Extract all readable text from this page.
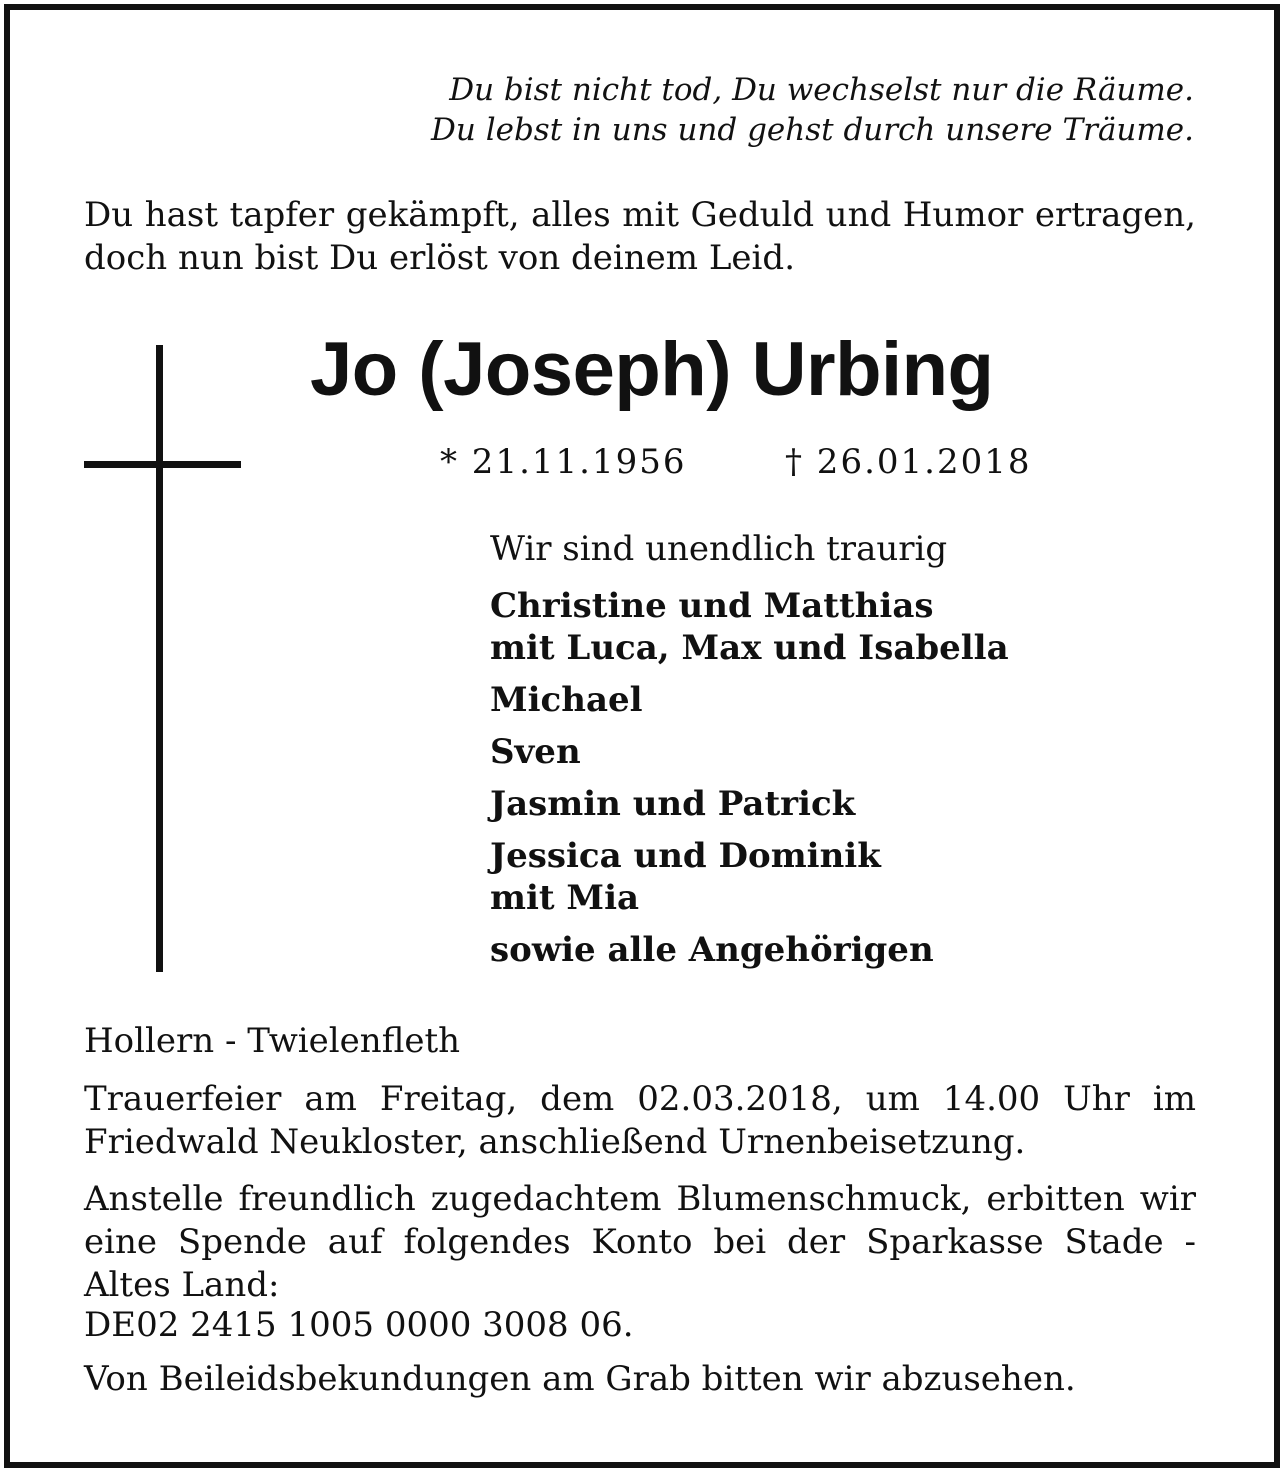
Du bist nicht tod, Du wechselst nur die Räume.
Du lebst in uns und gehst durch unsere Träume.
Du hast tapfer gekämpft, alles mit Geduld und Humor ertragen, doch nun bist Du erlöst von deinem Leid.
Jo (Joseph) Urbing
* 21.11.1956	† 26.01.2018
Wir sind unendlich traurig
Christine und Matthias
mit Luca, Max und Isabella
Michael
Sven
Jasmin und Patrick
Jessica und Dominik
mit Mia
sowie alle Angehörigen
Hollern - Twielenfleth
Trauerfeier am Freitag, dem 02.03.2018, um 14.00 Uhr im Friedwald Neukloster, anschließend Urnenbeisetzung.
Anstelle freundlich zugedachtem Blumenschmuck, erbitten wir eine Spende auf folgendes Konto bei der Sparkasse Stade - Altes Land:
DE02 2415 1005 0000 3008 06.
Von Beileidsbekundungen am Grab bitten wir abzusehen.
